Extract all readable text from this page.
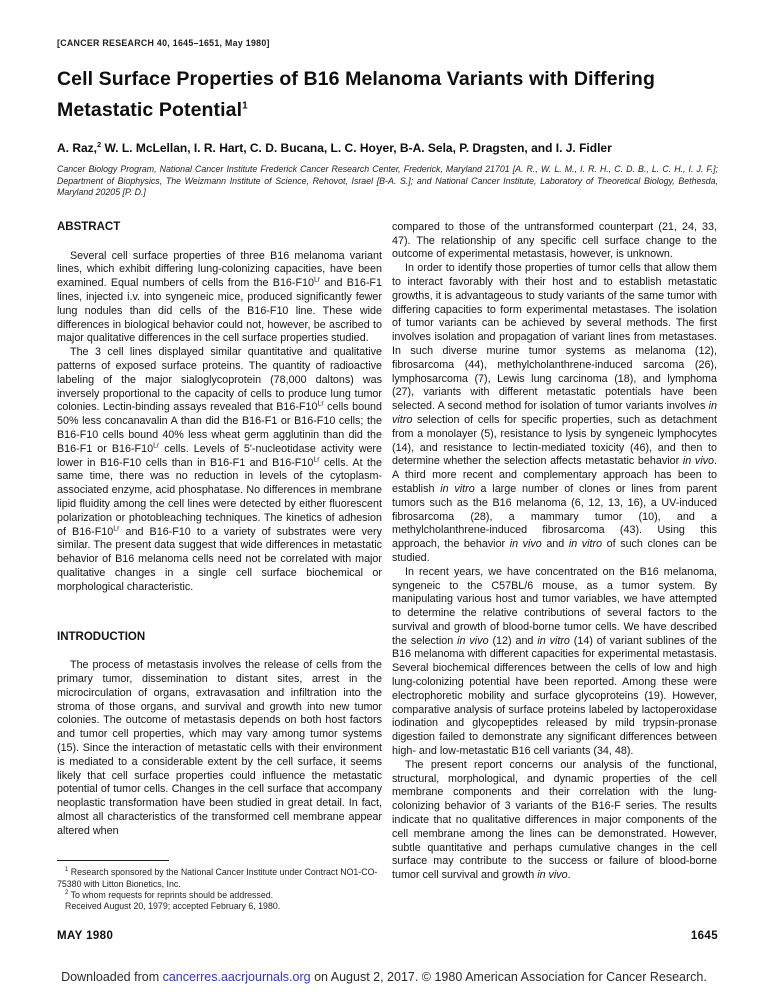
[CANCER RESEARCH 40, 1645–1651, May 1980]
Cell Surface Properties of B16 Melanoma Variants with Differing
Metastatic Potential$^1$
A. Raz,$^2$ W. L. McLellan, I. R. Hart, C. D. Bucana, L. C. Hoyer, B-A. Sela, P. Dragsten, and I. J. Fidler
Cancer Biology Program, National Cancer Institute Frederick Cancer Research Center, Frederick, Maryland 21701 [A. R., W. L. M., I. R. H., C. D. B., L. C. H., I. J. F.]; Department of Biophysics, The Weizmann Institute of Science, Rehovot, Israel [B-A. S.]; and National Cancer Institute, Laboratory of Theoretical Biology, Bethesda, Maryland 20205 [P. D.]
ABSTRACT

Several cell surface properties of three B16 melanoma variant lines, which exhibit differing lung-colonizing capacities, have been examined. Equal numbers of cells from the $B16-F10^{Lr}$ and B16-F1 lines, injected i.v. into syngeneic mice, produced significantly fewer lung nodules than did cells of the B16-F10 line. These wide differences in biological behavior could not, however, be ascribed to major qualitative differences in the cell surface properties studied.

The 3 cell lines displayed similar quantitative and qualitative patterns of exposed surface proteins. The quantity of radioactive labeling of the major sialoglycoprotein (78,000 daltons) was inversely proportional to the capacity of cells to produce lung tumor colonies. Lectin-binding assays revealed that $B16-F10^{Lr}$ cells bound 50% less concanavalin A than did the B16-F1 or B16-F10 cells; the B16-F10 cells bound 40% less wheat germ agglutinin than did the B16-F1 or $B16-F10^{Lr}$ cells. Levels of 5'-nucleotidase activity were lower in B16-F10 cells than in B16-F1 and $B16-F10^{Lr}$ cells. At the same time, there was no reduction in levels of the cytoplasm-associated enzyme, acid phosphatase. No differences in membrane lipid fluidity among the cell lines were detected by either fluorescent polarization or photobleaching techniques. The kinetics of adhesion of $B16-F10^{Lr}$ and B16-F10 to a variety of substrates were very similar. The present data suggest that wide differences in metastatic behavior of B16 melanoma cells need not be correlated with major qualitative changes in a single cell surface biochemical or morphological characteristic.

INTRODUCTION

The process of metastasis involves the release of cells from the primary tumor, dissemination to distant sites, arrest in the microcirculation of organs, extravasation and infiltration into the stroma of those organs, and survival and growth into new tumor colonies. The outcome of metastasis depends on both host factors and tumor cell properties, which may vary among tumor systems (15). Since the interaction of metastatic cells with their environment is mediated to a considerable extent by the cell surface, it seems likely that cell surface properties could influence the metastatic potential of tumor cells. Changes in the cell surface that accompany neoplastic transformation have been studied in great detail. In fact, almost all characteristics of the transformed cell membrane appear altered when

$^1$ Research sponsored by the National Cancer Institute under Contract NO1-CO-75380 with Litton Bionetics, Inc.

$^2$ To whom requests for reprints should be addressed.

Received August 20, 1979; accepted February 6, 1980.

compared to those of the untransformed counterpart (21, 24, 33, 47). The relationship of any specific cell surface change to the outcome of experimental metastasis, however, is unknown.

In order to identify those properties of tumor cells that allow them to interact favorably with their host and to establish metastatic growths, it is advantageous to study variants of the same tumor with differing capacities to form experimental metastases. The isolation of tumor variants can be achieved by several methods. The first involves isolation and propagation of variant lines from metastases. In such diverse murine tumor systems as melanoma (12), fibrosarcoma (44), methylcholanthrene-induced sarcoma (26), lymphosarcoma (7), Lewis lung carcinoma (18), and lymphoma (27), variants with different metastatic potentials have been selected. A second method for isolation of tumor variants involves in vitro selection of cells for specific properties, such as detachment from a monolayer (5), resistance to lysis by syngeneic lymphocytes (14), and resistance to lectin-mediated toxicity (46), and then to determine whether the selection affects metastatic behavior in vivo. A third more recent and complementary approach has been to establish in vitro a large number of clones or lines from parent tumors such as the B16 melanoma (6, 12, 13, 16), a UV-induced fibrosarcoma (28), a mammary tumor (10), and a methylcholanthrene-induced fibrosarcoma (43). Using this approach, the behavior in vivo and in vitro of such clones can be studied.

In recent years, we have concentrated on the B16 melanoma, syngeneic to the C57BL/6 mouse, as a tumor system. By manipulating various host and tumor variables, we have attempted to determine the relative contributions of several factors to the survival and growth of blood-borne tumor cells. We have described the selection in vivo (12) and in vitro (14) of variant sublines of the B16 melanoma with different capacities for experimental metastasis. Several biochemical differences between the cells of low and high lung-colonizing potential have been reported. Among these were electrophoretic mobility and surface glycoproteins (19). However, comparative analysis of surface proteins labeled by lactoperoxidase iodination and glycopeptides released by mild trypsin-pronase digestion failed to demonstrate any significant differences between high- and low-metastatic B16 cell variants (34, 48).

The present report concerns our analysis of the functional, structural, morphological, and dynamic properties of the cell membrane components and their correlation with the lung-colonizing behavior of 3 variants of the B16-F series. The results indicate that no qualitative differences in major components of the cell membrane among the lines can be demonstrated. However, subtle quantitative and perhaps cumulative changes in the cell surface may contribute to the success or failure of blood-borne tumor cell survival and growth in vivo.

MAY 1980	1645
Downloaded from cancerres.aacrjournals.org on August 2, 2017. © 1980 American Association for Cancer Research.
